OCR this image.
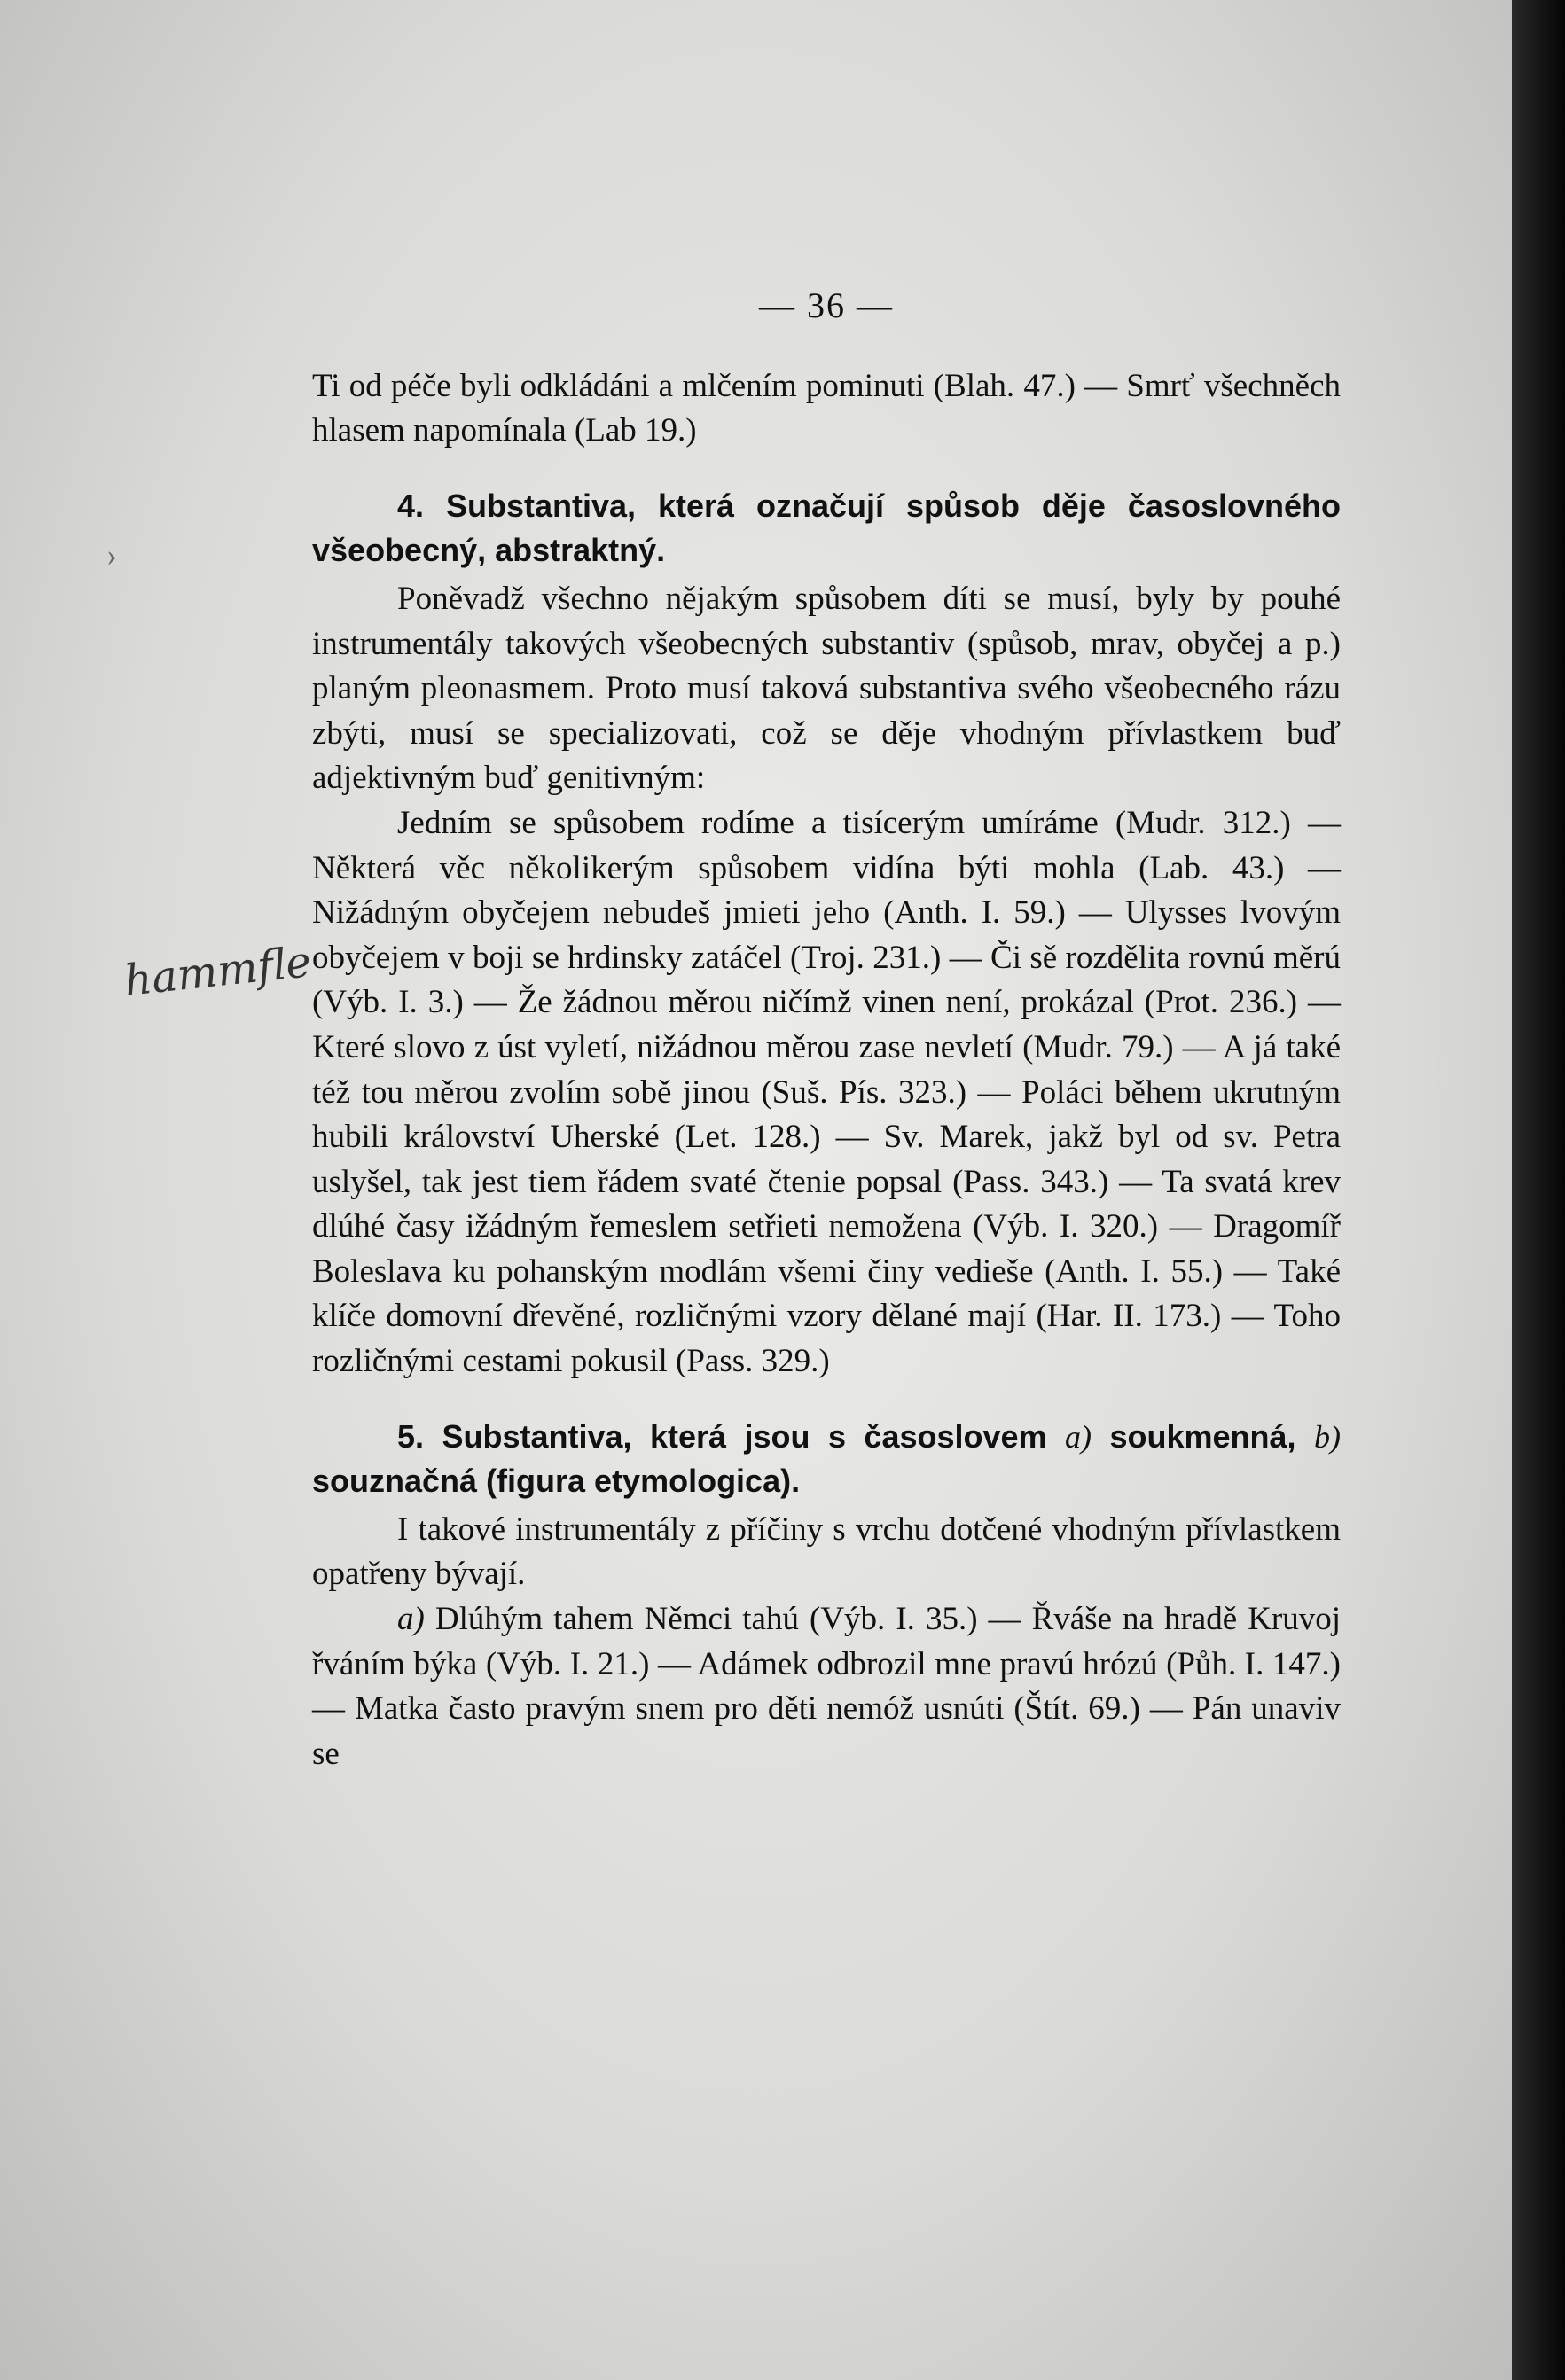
›
hammfle
— 36 —

Ti od péče byli odkládáni a mlčením pominuti (Blah. 47.) — Smrť všechněch hlasem napomínala (Lab 19.)

4. Substantiva, která označují spůsob děje časoslovného všeobecný, abstraktný.

Poněvadž všechno nějakým spůsobem díti se musí, byly by pouhé instrumentály takových všeobecných substantiv (spůsob, mrav, obyčej a p.) planým pleonasmem. Proto musí taková substantiva svého všeobecného rázu zbýti, musí se specializovati, což se děje vhodným přívlastkem buď adjektivným buď genitivným:

Jedním se spůsobem rodíme a tisícerým umíráme (Mudr. 312.) — Některá věc několikerým spůsobem vidína býti mohla (Lab. 43.) — Nižádným obyčejem nebudeš jmieti jeho (Anth. I. 59.) — Ulysses lvovým obyčejem v boji se hrdinsky zatáčel (Troj. 231.) — Či sě rozdělita rovnú měrú (Výb. I. 3.) — Že žádnou měrou ničímž vinen není, prokázal (Prot. 236.) — Které slovo z úst vyletí, nižádnou měrou zase nevletí (Mudr. 79.) — A já také též tou měrou zvolím sobě jinou (Suš. Pís. 323.) — Poláci během ukrutným hubili království Uherské (Let. 128.) — Sv. Marek, jakž byl od sv. Petra uslyšel, tak jest tiem řádem svaté čtenie popsal (Pass. 343.) — Ta svatá krev dlúhé časy ižádným řemeslem setřieti nemožena (Výb. I. 320.) — Dragomíř Boleslava ku pohanským modlám všemi činy vedieše (Anth. I. 55.) — Také klíče domovní dřevěné, rozličnými vzory dělané mají (Har. II. 173.) — Toho rozličnými cestami pokusil (Pass. 329.)

5. Substantiva, která jsou s časoslovem a) soukmenná, b) souznačná (figura etymologica).

I takové instrumentály z příčiny s vrchu dotčené vhodným přívlastkem opatřeny bývají.

a) Dlúhým tahem Němci tahú (Výb. I. 35.) — Řváše na hradě Kruvoj řváním býka (Výb. I. 21.) — Adámek odbrozil mne pravú hrózú (Půh. I. 147.) — Matka často pravým snem pro děti nemóž usnúti (Štít. 69.) — Pán unaviv se
